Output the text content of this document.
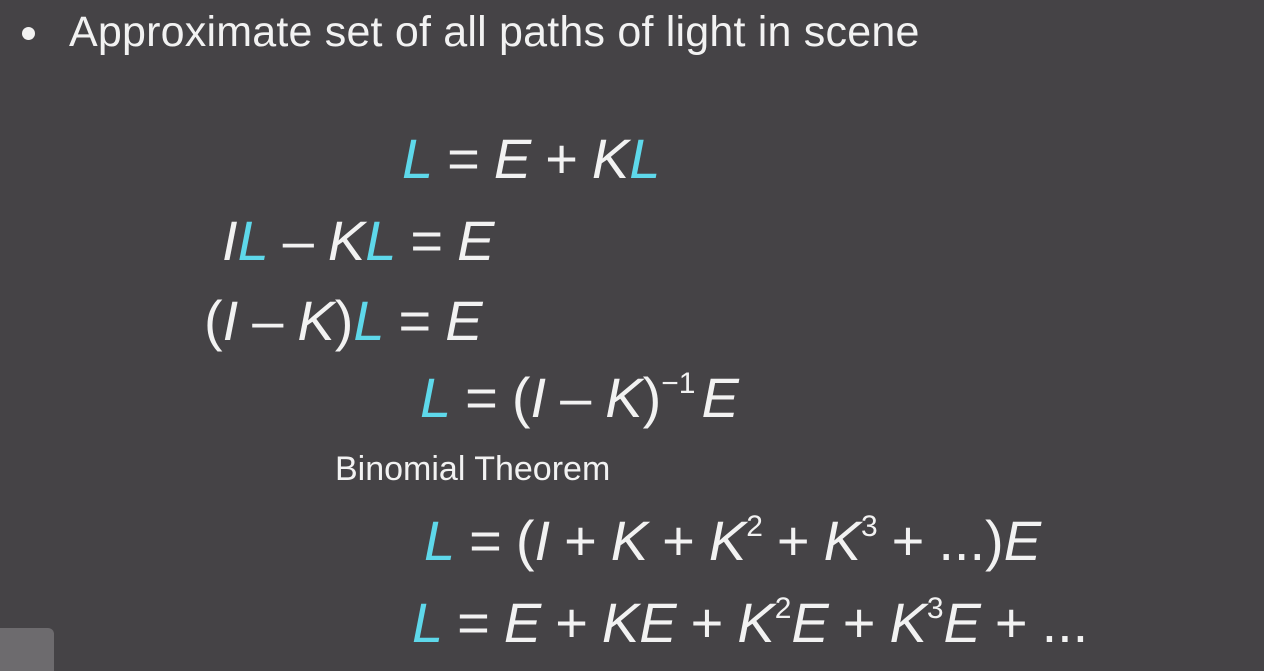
Approximate set of all paths of light in scene
L = E + KL
IL – KL = E
(I – K)L = E
L = (I – K)$^{-1}$ E
Binomial Theorem
$L = (I + K + K^2 + K^3 + ...)E$
L = E + KE + $K^2E + K^3E$ + ...
